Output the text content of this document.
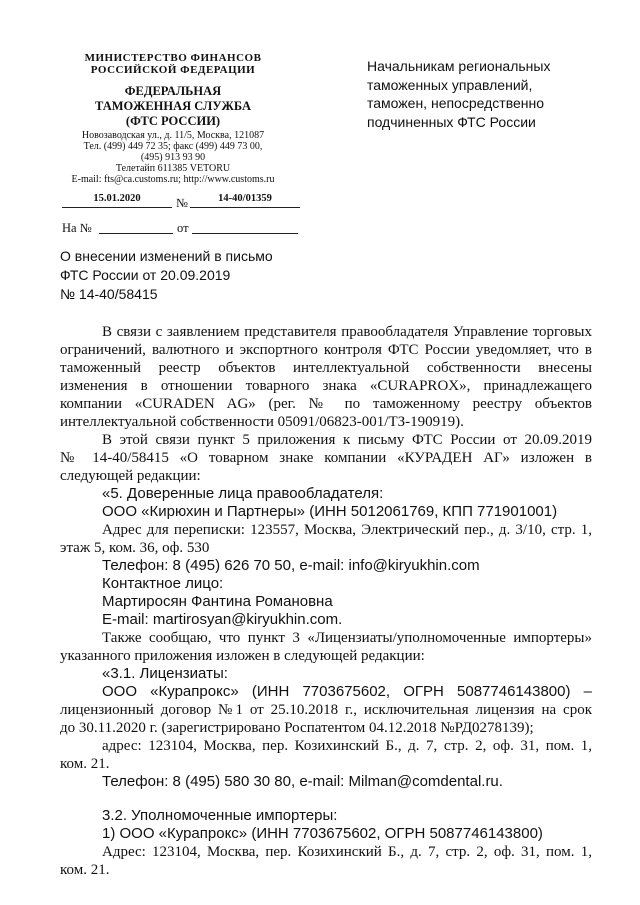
МИНИСТЕРСТВО ФИНАНСОВ
РОССИЙСКОЙ ФЕДЕРАЦИИ
ФЕДЕРАЛЬНАЯ
ТАМОЖЕННАЯ СЛУЖБА
(ФТС РОССИИ)
Новозаводская ул., д. 11/5, Москва, 121087
Тел. (499) 449 72 35; факс (499) 449 73 00,
(495) 913 93 90
Телетайп 611385 VETORU
E-mail: fts@ca.customs.ru; http://www.customs.ru
15.01.2020	№	14-40/01359
На №	от
Начальникам региональных
таможенных управлений,
таможен, непосредственно
подчиненных ФТС России
О внесении изменений в письмо
ФТС России от 20.09.2019
№ 14-40/58415
В связи с заявлением представителя правообладателя Управление торговых
ограничений, валютного и экспортного контроля ФТС России уведомляет, что в
таможенный реестр объектов интеллектуальной собственности внесены
изменения в отношении товарного знака «CURAPROX», принадлежащего
компании «CURADEN AG» (рег. № по таможенному реестру объектов
интеллектуальной собственности 05091/06823-001/ТЗ-190919).
В этой связи пункт 5 приложения к письму ФТС России от 20.09.2019
№ 14-40/58415 «О товарном знаке компании «КУРАДЕН АГ» изложен в
следующей редакции:
«5. Доверенные лица правообладателя:
ООО «Кирюхин и Партнеры» (ИНН 5012061769, КПП 771901001)
Адрес для переписки: 123557, Москва, Электрический пер., д. 3/10, стр. 1,
этаж 5, ком. 36, оф. 530
Телефон: 8 (495) 626 70 50, e-mail: info@kiryukhin.com
Контактное лицо:
Мартиросян Фантина Романовна
E-mail: martirosyan@kiryukhin.com.
Также сообщаю, что пункт 3 «Лицензиаты/уполномоченные импортеры»
указанного приложения изложен в следующей редакции:
«3.1. Лицензиаты:
ООО «Курапрокс» (ИНН 7703675602, ОГРН 5087746143800) –
лицензионный договор №1 от 25.10.2018 г., исключительная лицензия на срок
до 30.11.2020 г. (зарегистрировано Роспатентом 04.12.2018 №РД0278139);
адрес: 123104, Москва, пер. Козихинский Б., д. 7, стр. 2, оф. 31, пом. 1,
ком. 21.
Телефон: 8 (495) 580 30 80, e-mail: Milman@comdental.ru.
3.2. Уполномоченные импортеры:
1) ООО «Курапрокс» (ИНН 7703675602, ОГРН 5087746143800)
Адрес: 123104, Москва, пер. Козихинский Б., д. 7, стр. 2, оф. 31, пом. 1,
ком. 21.
